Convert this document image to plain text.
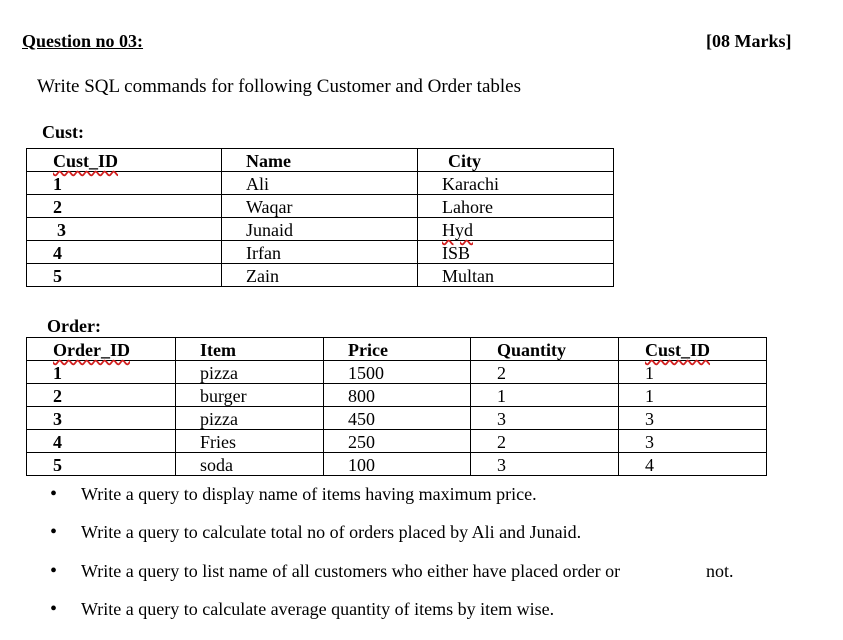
Question no 03:	[08 Marks]
Write SQL commands for following Customer and Order tables
Cust:
Cust_ID	Name	City
1	Ali	Karachi
2	Waqar	Lahore
3	Junaid	Hyd
4	Irfan	ISB
5	Zain	Multan
Order:
Order_ID	Item	Price	Quantity	Cust_ID
1	pizza	1500	2	1
2	burger	800	1	1
3	pizza	450	3	3
4	Fries	250	2	3
5	soda	100	3	4
• Write a query to display name of items having maximum price.
• Write a query to calculate total no of orders placed by Ali and Junaid.
• Write a query to list name of all customers who either have placed order or	not.
• Write a query to calculate average quantity of items by item wise.
